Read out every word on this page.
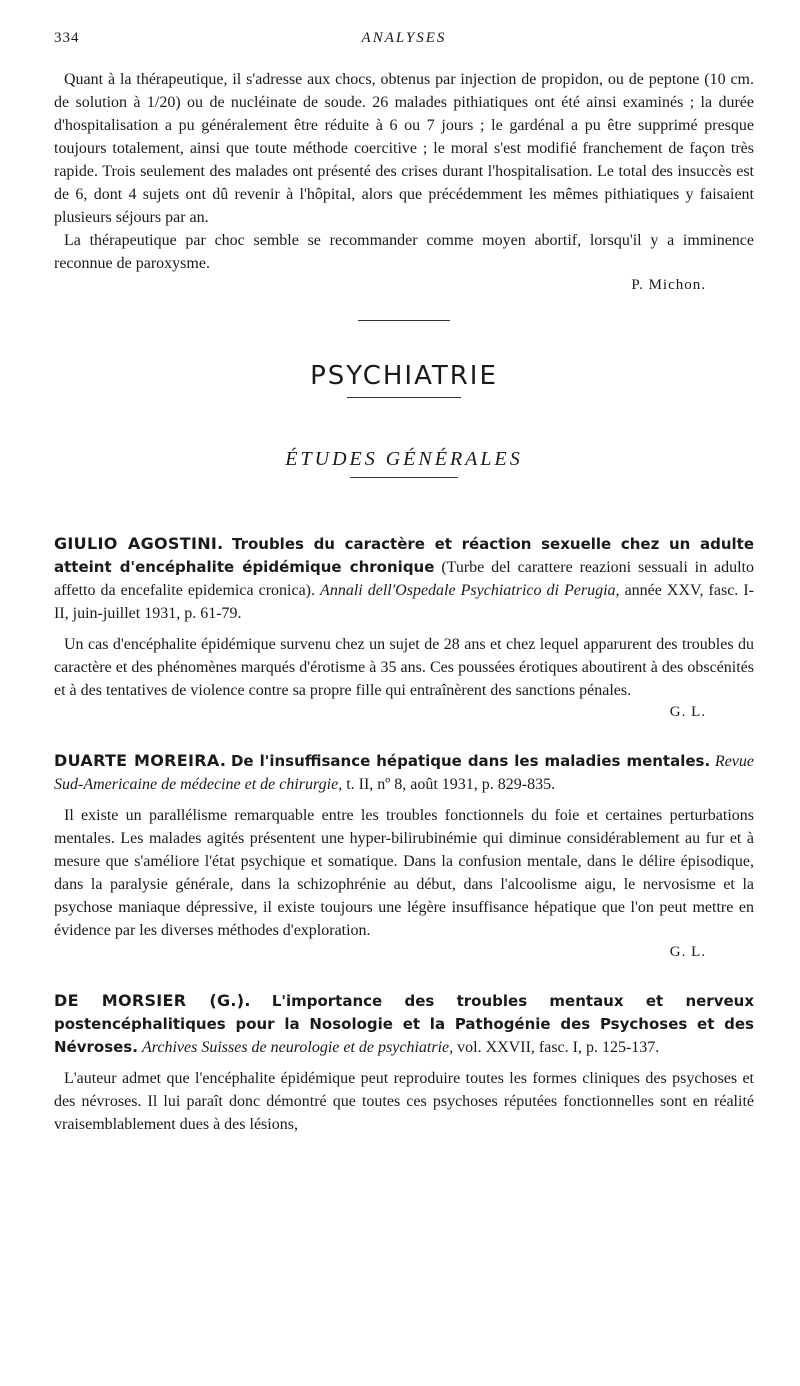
334	ANALYSES

Quant à la thérapeutique, il s'adresse aux chocs, obtenus par injection de propidon, ou de peptone (10 cm. de solution à 1/20) ou de nucléinate de soude. 26 malades pithiatiques ont été ainsi examinés ; la durée d'hospitalisation a pu généralement être réduite à 6 ou 7 jours ; le gardénal a pu être supprimé presque toujours totalement, ainsi que toute méthode coercitive ; le moral s'est modifié franchement de façon très rapide. Trois seulement des malades ont présenté des crises durant l'hospitalisation. Le total des insuccès est de 6, dont 4 sujets ont dû revenir à l'hôpital, alors que précédemment les mêmes pithiatiques y faisaient plusieurs séjours par an.

La thérapeutique par choc semble se recommander comme moyen abortif, lorsqu'il y a imminence reconnue de paroxysme.

P. Michon.
PSYCHIATRIE
ÉTUDES GÉNÉRALES

GIULIO AGOSTINI. Troubles du caractère et réaction sexuelle chez un adulte atteint d'encéphalite épidémique chronique (Turbe del carattere reazioni sessuali in adulto affetto da encefalite epidemica cronica). Annali dell'Ospedale Psychiatrico di Perugia, année XXV, fasc. I-II, juin-juillet 1931, p. 61-79.

Un cas d'encéphalite épidémique survenu chez un sujet de 28 ans et chez lequel apparurent des troubles du caractère et des phénomènes marqués d'érotisme à 35 ans. Ces poussées érotiques aboutirent à des obscénités et à des tentatives de violence contre sa propre fille qui entraînèrent des sanctions pénales.

G. L.

DUARTE MOREIRA. De l'insuffisance hépatique dans les maladies mentales. Revue Sud-Americaine de médecine et de chirurgie, t. II, nº 8, août 1931, p. 829-835.

Il existe un parallélisme remarquable entre les troubles fonctionnels du foie et certaines perturbations mentales. Les malades agités présentent une hyper-bilirubinémie qui diminue considérablement au fur et à mesure que s'améliore l'état psychique et somatique. Dans la confusion mentale, dans le délire épisodique, dans la paralysie générale, dans la schizophrénie au début, dans l'alcoolisme aigu, le nervosisme et la psychose maniaque dépressive, il existe toujours une légère insuffisance hépatique que l'on peut mettre en évidence par les diverses méthodes d'exploration.

G. L.

DE MORSIER (G.). L'importance des troubles mentaux et nerveux postencéphalitiques pour la Nosologie et la Pathogénie des Psychoses et des Névroses. Archives Suisses de neurologie et de psychiatrie, vol. XXVII, fasc. I, p. 125-137.

L'auteur admet que l'encéphalite épidémique peut reproduire toutes les formes cliniques des psychoses et des névroses. Il lui paraît donc démontré que toutes ces psychoses réputées fonctionnelles sont en réalité vraisemblablement dues à des lésions,
